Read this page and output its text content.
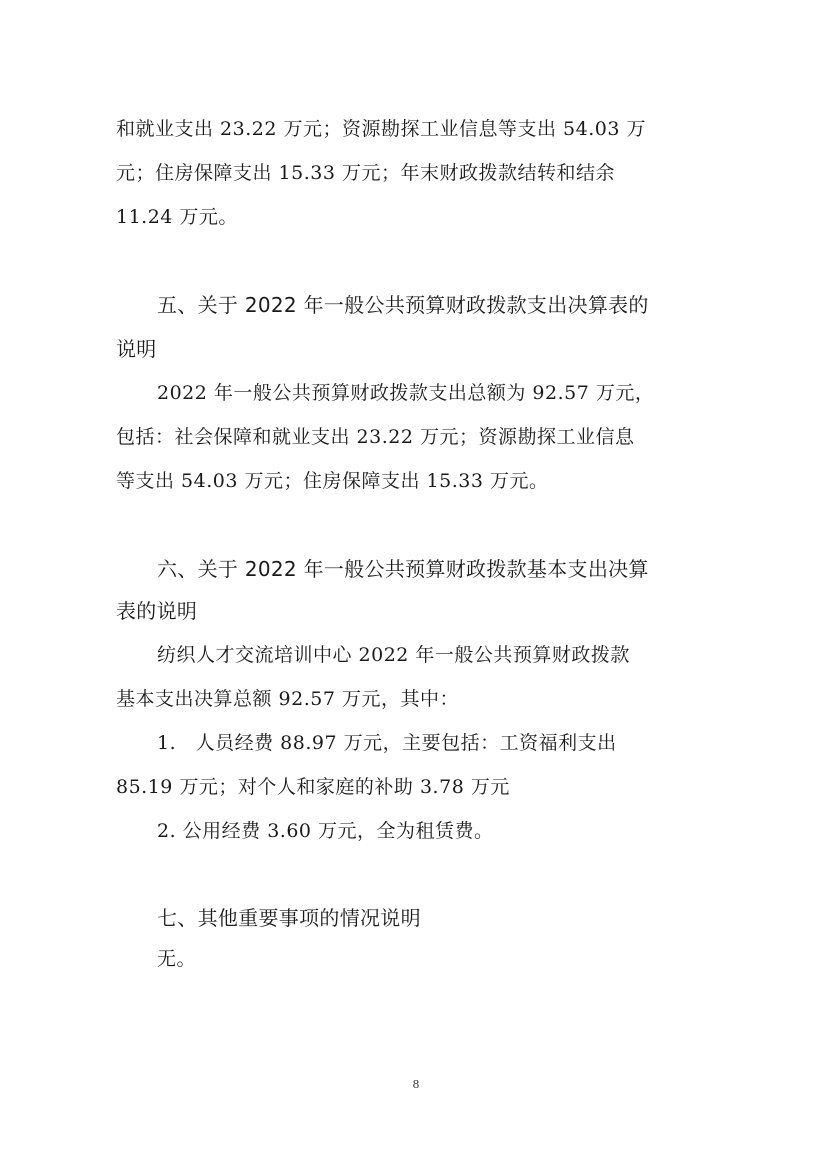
和就业支出 23.22 万元；资源勘探工业信息等支出 54.03 万
元；住房保障支出 15.33 万元；年末财政拨款结转和结余
11.24 万元。
五、关于 2022 年一般公共预算财政拨款支出决算表的
说明
2022 年一般公共预算财政拨款支出总额为 92.57 万元，
包括：社会保障和就业支出 23.22 万元；资源勘探工业信息
等支出 54.03 万元；住房保障支出 15.33 万元。
六、关于 2022 年一般公共预算财政拨款基本支出决算
表的说明
纺织人才交流培训中心 2022 年一般公共预算财政拨款
基本支出决算总额 92.57 万元，其中：
1.　人员经费 88.97 万元，主要包括：工资福利支出
85.19 万元；对个人和家庭的补助 3.78 万元
2. 公用经费 3.60 万元，全为租赁费。
七、其他重要事项的情况说明
无。
8
